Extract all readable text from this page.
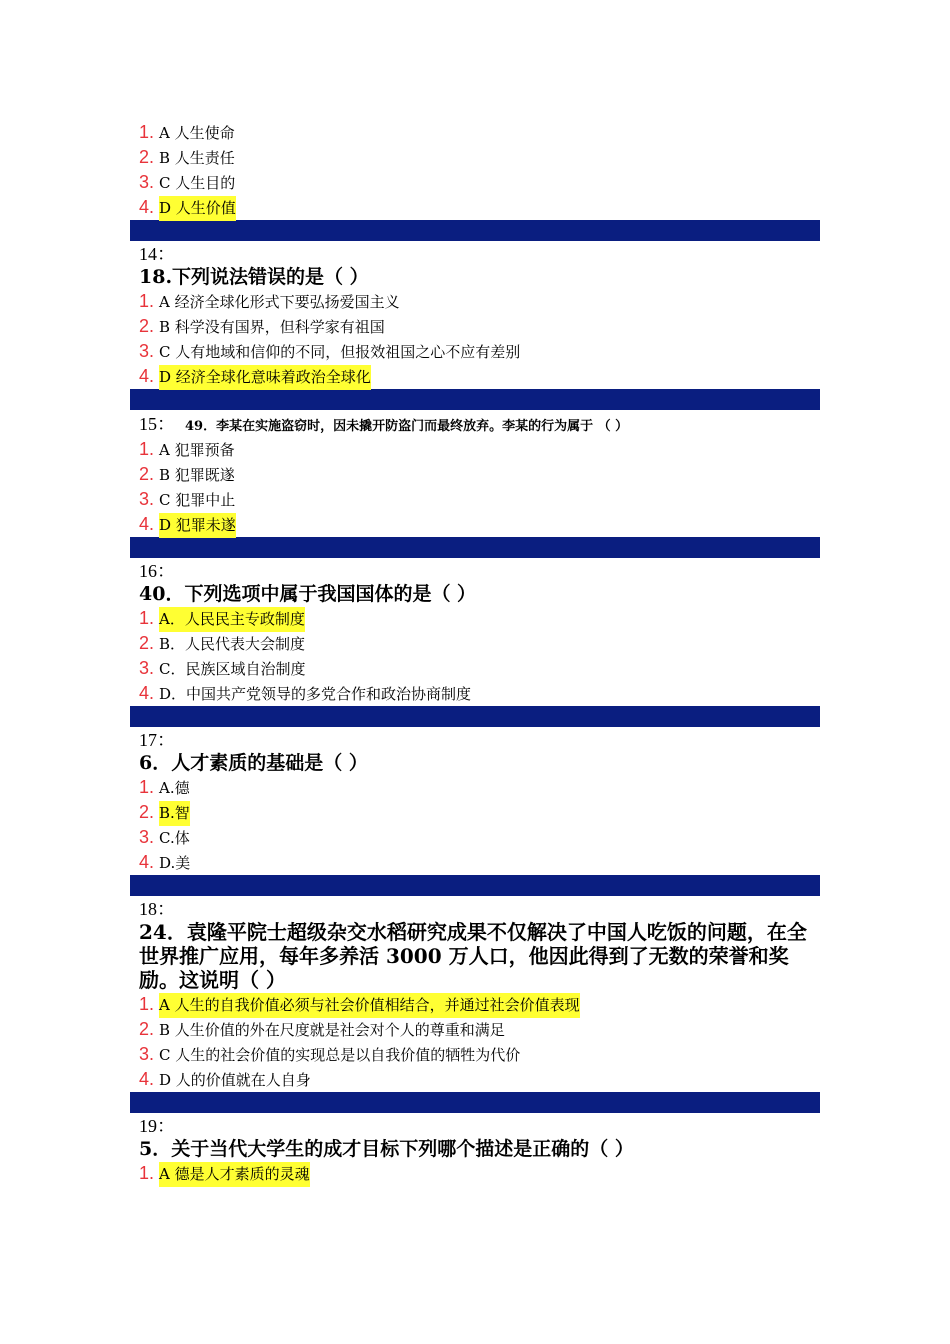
1. A 人生使命
2. B 人生责任
3. C 人生目的
4. D 人生价值
14：
18.下列说法错误的是（ ）
1. A 经济全球化形式下要弘扬爱国主义
2. B 科学没有国界，但科学家有祖国
3. C 人有地域和信仰的不同，但报效祖国之心不应有差别
4. D 经济全球化意味着政治全球化
15： 49．李某在实施盗窃时，因未撬开防盗门而最终放弃。李某的行为属于 （ ）
1. A 犯罪预备
2. B 犯罪既遂
3. C 犯罪中止
4. D 犯罪未遂
16：
40．下列选项中属于我国国体的是（ ）
1. A．人民民主专政制度
2. B．人民代表大会制度
3. C．民族区域自治制度
4. D．中国共产党领导的多党合作和政治协商制度
17：
6．人才素质的基础是（ ）
1. A.德
2. B.智
3. C.体
4. D.美
18：
24．袁隆平院士超级杂交水稻研究成果不仅解决了中国人吃饭的问题，在全世界推广应用，每年多养活 3000 万人口，他因此得到了无数的荣誉和奖励。这说明（ ）
1. A 人生的自我价值必须与社会价值相结合，并通过社会价值表现
2. B 人生价值的外在尺度就是社会对个人的尊重和满足
3. C 人生的社会价值的实现总是以自我价值的牺牲为代价
4. D 人的价值就在人自身
19：
5．关于当代大学生的成才目标下列哪个描述是正确的（ ）
1. A 德是人才素质的灵魂
